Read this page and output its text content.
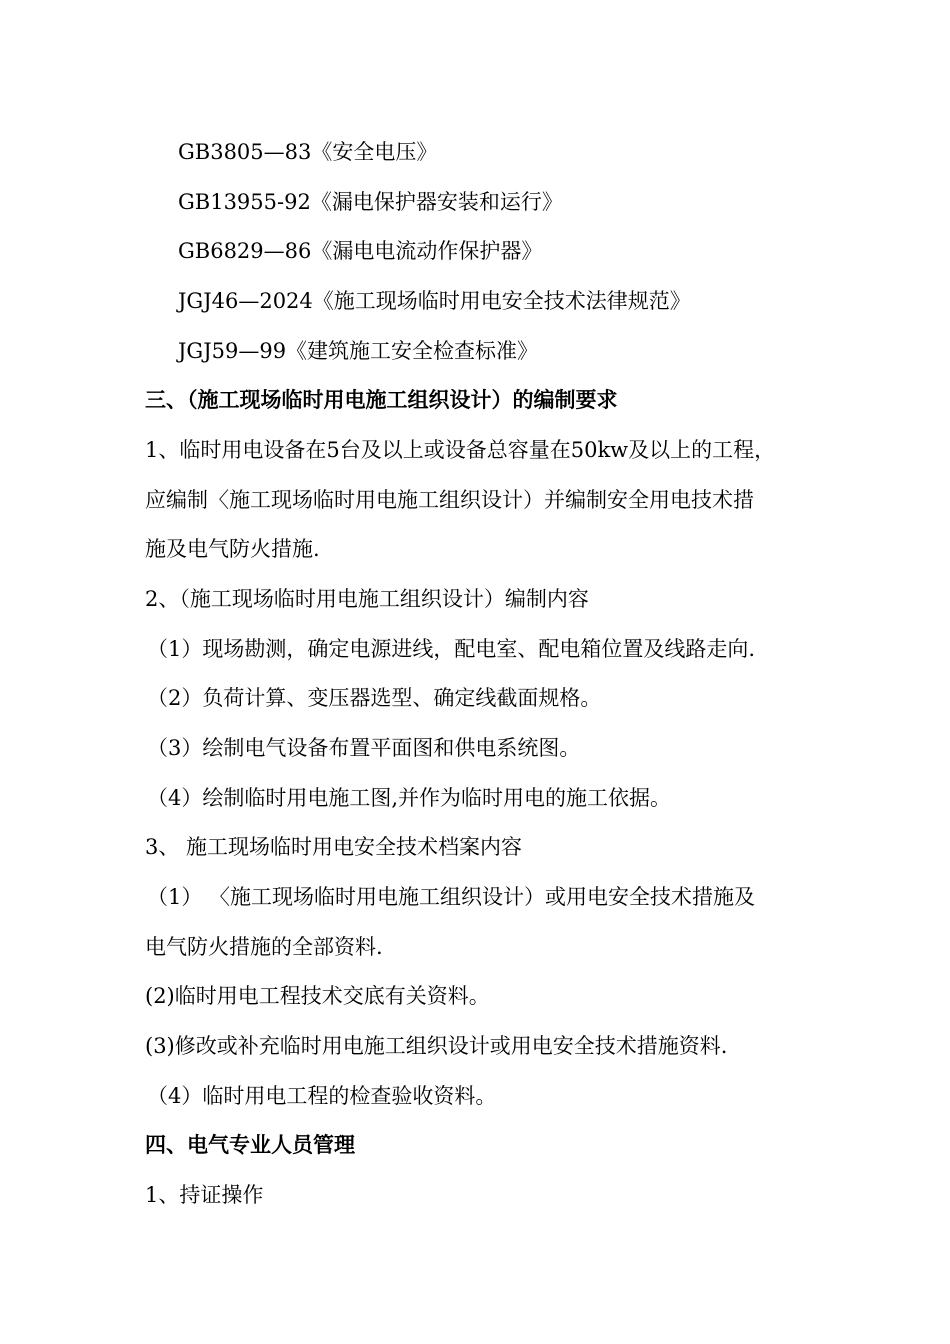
GB3805—83《安全电压》
GB13955-92《漏电保护器安装和运行》
GB6829—86《漏电电流动作保护器》
JGJ46—2024《施工现场临时用电安全技术法律规范》
JGJ59—99《建筑施工安全检查标准》
三、（施工现场临时用电施工组织设计）的编制要求
1、临时用电设备在5台及以上或设备总容量在50kw及以上的工程，
应编制〈施工现场临时用电施工组织设计）并编制安全用电技术措
施及电气防火措施.
2、（施工现场临时用电施工组织设计）编制内容
（1）现场勘测，确定电源进线，配电室、配电箱位置及线路走向.
（2）负荷计算、变压器选型、确定线截面规格。
（3）绘制电气设备布置平面图和供电系统图。
（4）绘制临时用电施工图,并作为临时用电的施工依据。
3、 施工现场临时用电安全技术档案内容
（1） 〈施工现场临时用电施工组织设计）或用电安全技术措施及
电气防火措施的全部资料.
(2)临时用电工程技术交底有关资料。
(3)修改或补充临时用电施工组织设计或用电安全技术措施资料.
（4）临时用电工程的检查验收资料。
四、电气专业人员管理
1、持证操作
